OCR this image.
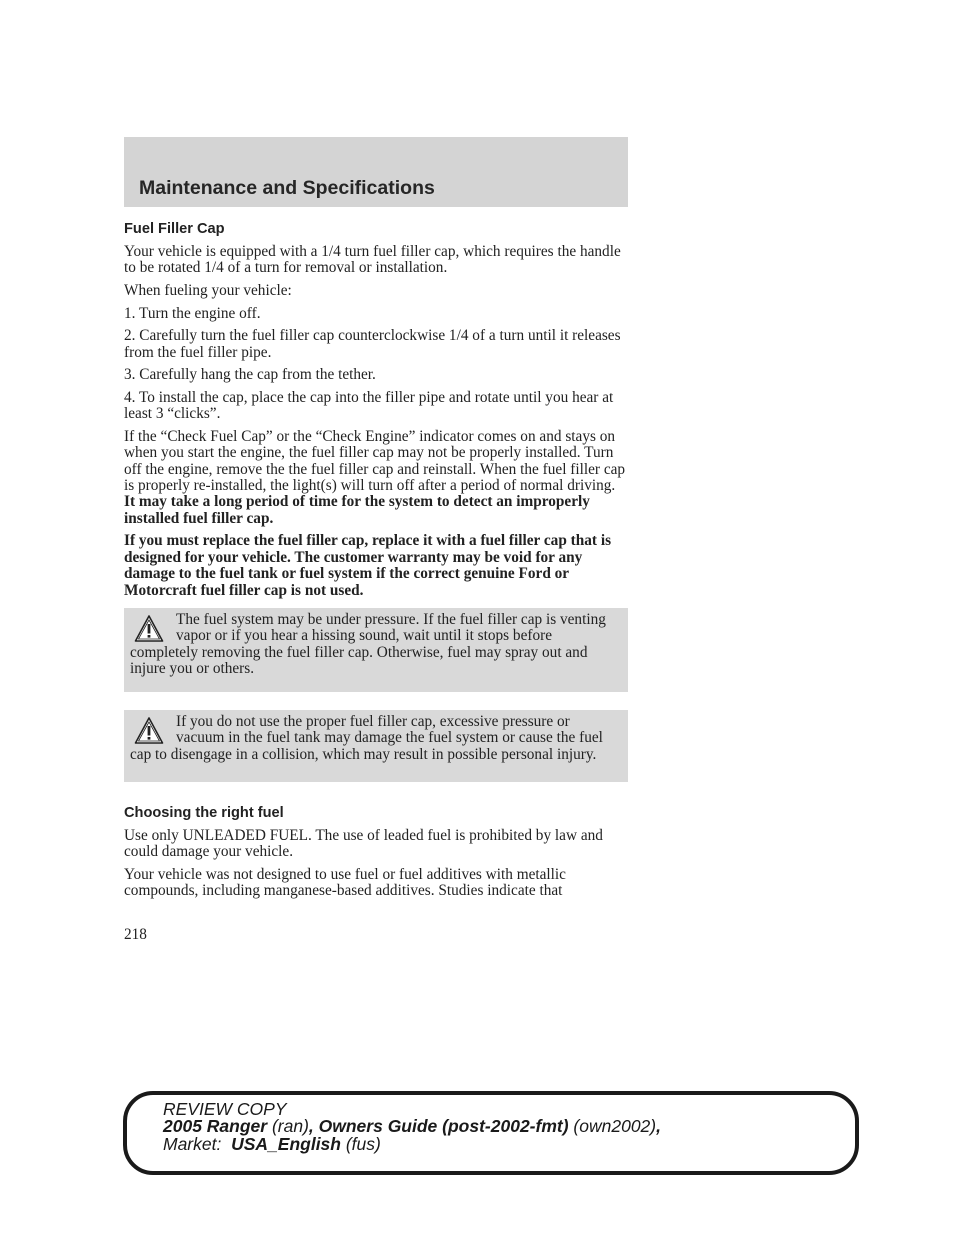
Maintenance and Specifications
Fuel Filler Cap

Your vehicle is equipped with a 1/4 turn fuel filler cap, which requires the handle to be rotated 1/4 of a turn for removal or installation.

When fueling your vehicle:

1. Turn the engine off.

2. Carefully turn the fuel filler cap counterclockwise 1/4 of a turn until it releases from the fuel filler pipe.

3. Carefully hang the cap from the tether.

4. To install the cap, place the cap into the filler pipe and rotate until you hear at least 3 “clicks”.

If the “Check Fuel Cap” or the “Check Engine” indicator comes on and stays on when you start the engine, the fuel filler cap may not be properly installed. Turn off the engine, remove the the fuel filler cap and reinstall. When the fuel filler cap is properly re-installed, the light(s) will turn off after a period of normal driving. It may take a long period of time for the system to detect an improperly installed fuel filler cap.

If you must replace the fuel filler cap, replace it with a fuel filler cap that is designed for your vehicle. The customer warranty may be void for any damage to the fuel tank or fuel system if the correct genuine Ford or Motorcraft fuel filler cap is not used.

The fuel system may be under pressure. If the fuel filler cap is venting vapor or if you hear a hissing sound, wait until it stops before completely removing the fuel filler cap. Otherwise, fuel may spray out and injure you or others.

If you do not use the proper fuel filler cap, excessive pressure or vacuum in the fuel tank may damage the fuel system or cause the fuel cap to disengage in a collision, which may result in possible personal injury.

Choosing the right fuel

Use only UNLEADED FUEL. The use of leaded fuel is prohibited by law and could damage your vehicle.

Your vehicle was not designed to use fuel or fuel additives with metallic compounds, including manganese-based additives. Studies indicate that

218
REVIEW COPY
2005 Ranger (ran), Owners Guide (post-2002-fmt) (own2002),
Market: USA_English (fus)
